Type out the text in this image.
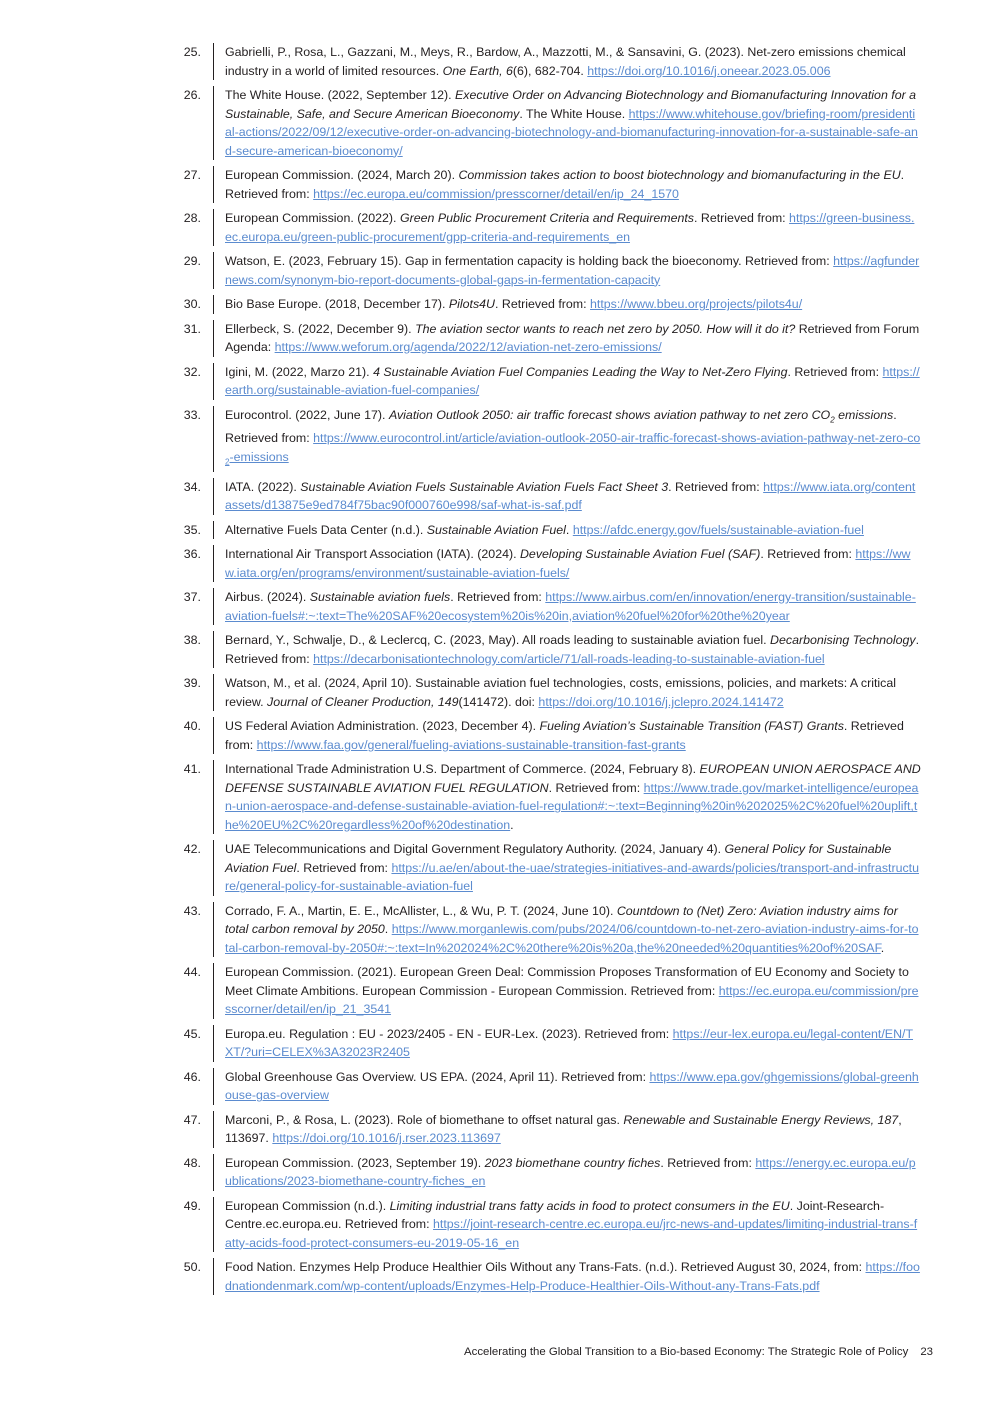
25.	Gabrielli, P., Rosa, L., Gazzani, M., Meys, R., Bardow, A., Mazzotti, M., & Sansavini, G. (2023). Net-zero emissions chemical industry in a world of limited resources. One Earth, 6(6), 682-704. https://doi.org/10.1016/j.oneear.2023.05.006
26.	The White House. (2022, September 12). Executive Order on Advancing Biotechnology and Biomanufacturing Innovation for a Sustainable, Safe, and Secure American Bioeconomy. The White House. https://www.whitehouse.gov/briefing-room/presidential-actions/2022/09/12/executive-order-on-advancing-biotechnology-and-biomanufacturing-innovation-for-a-sustainable-safe-and-secure-american-bioeconomy/
27.	European Commission. (2024, March 20). Commission takes action to boost biotechnology and biomanufacturing in the EU. Retrieved from: https://ec.europa.eu/commission/presscorner/detail/en/ip_24_1570
28.	European Commission. (2022). Green Public Procurement Criteria and Requirements. Retrieved from: https://green-business.ec.europa.eu/green-public-procurement/gpp-criteria-and-requirements_en
29.	Watson, E. (2023, February 15). Gap in fermentation capacity is holding back the bioeconomy. Retrieved from: https://agfundernews.com/synonym-bio-report-documents-global-gaps-in-fermentation-capacity
30.	Bio Base Europe. (2018, December 17). Pilots4U. Retrieved from: https://www.bbeu.org/projects/pilots4u/
31.	Ellerbeck, S. (2022, December 9). The aviation sector wants to reach net zero by 2050. How will it do it? Retrieved from Forum Agenda: https://www.weforum.org/agenda/2022/12/aviation-net-zero-emissions/
32.	Igini, M. (2022, Marzo 21). 4 Sustainable Aviation Fuel Companies Leading the Way to Net-Zero Flying. Retrieved from: https://earth.org/sustainable-aviation-fuel-companies/
33.	Eurocontrol. (2022, June 17). Aviation Outlook 2050: air traffic forecast shows aviation pathway to net zero $CO_2$ emissions. Retrieved from: $https://www.eurocontrol.int/article/aviation-outlook-2050-air-traffic-forecast-shows-aviation-pathway-net-zero-co_2$-emissions
34.	IATA. (2022). Sustainable Aviation Fuels Sustainable Aviation Fuels Fact Sheet 3. Retrieved from: https://www.iata.org/contentassets/d13875e9ed784f75bac90f000760e998/saf-what-is-saf.pdf
35.	Alternative Fuels Data Center (n.d.). Sustainable Aviation Fuel. https://afdc.energy.gov/fuels/sustainable-aviation-fuel
36.	International Air Transport Association (IATA). (2024). Developing Sustainable Aviation Fuel (SAF). Retrieved from: https://www.iata.org/en/programs/environment/sustainable-aviation-fuels/
37.	Airbus. (2024). Sustainable aviation fuels. Retrieved from: https://www.airbus.com/en/innovation/energy-transition/sustainable-aviation-fuels#:~:text=The%20SAF%20ecosystem%20is%20in,aviation%20fuel%20for%20the%20year
38.	Bernard, Y., Schwalje, D., & Leclercq, C. (2023, May). All roads leading to sustainable aviation fuel. Decarbonising Technology. Retrieved from: https://decarbonisationtechnology.com/article/71/all-roads-leading-to-sustainable-aviation-fuel
39.	Watson, M., et al. (2024, April 10). Sustainable aviation fuel technologies, costs, emissions, policies, and markets: A critical review. Journal of Cleaner Production, 149(141472). doi: https://doi.org/10.1016/j.jclepro.2024.141472
40.	US Federal Aviation Administration. (2023, December 4). Fueling Aviation’s Sustainable Transition (FAST) Grants. Retrieved from: https://www.faa.gov/general/fueling-aviations-sustainable-transition-fast-grants
41.	International Trade Administration U.S. Department of Commerce. (2024, February 8). EUROPEAN UNION AEROSPACE AND DEFENSE SUSTAINABLE AVIATION FUEL REGULATION. Retrieved from: https://www.trade.gov/market-intelligence/european-union-aerospace-and-defense-sustainable-aviation-fuel-regulation#:~:text=Beginning%20in%202025%2C%20fuel%20uplift,the%20EU%2C%20regardless%20of%20destination.
42.	UAE Telecommunications and Digital Government Regulatory Authority. (2024, January 4). General Policy for Sustainable Aviation Fuel. Retrieved from: https://u.ae/en/about-the-uae/strategies-initiatives-and-awards/policies/transport-and-infrastructure/general-policy-for-sustainable-aviation-fuel
43.	Corrado, F. A., Martin, E. E., McAllister, L., & Wu, P. T. (2024, June 10). Countdown to (Net) Zero: Aviation industry aims for total carbon removal by 2050. https://www.morganlewis.com/pubs/2024/06/countdown-to-net-zero-aviation-industry-aims-for-total-carbon-removal-by-2050#:~:text=In%202024%2C%20there%20is%20a,the%20needed%20quantities%20of%20SAF.
44.	European Commission. (2021). European Green Deal: Commission Proposes Transformation of EU Economy and Society to Meet Climate Ambitions. European Commission - European Commission. Retrieved from: https://ec.europa.eu/commission/presscorner/detail/en/ip_21_3541
45.	Europa.eu. Regulation : EU - 2023/2405 - EN - EUR-Lex. (2023). Retrieved from: https://eur-lex.europa.eu/legal-content/EN/TXT/?uri=CELEX%3A32023R2405
46.	Global Greenhouse Gas Overview. US EPA. (2024, April 11). Retrieved from: https://www.epa.gov/ghgemissions/global-greenhouse-gas-overview
47.	Marconi, P., & Rosa, L. (2023). Role of biomethane to offset natural gas. Renewable and Sustainable Energy Reviews, 187, 113697. https://doi.org/10.1016/j.rser.2023.113697
48.	European Commission. (2023, September 19). 2023 biomethane country fiches. Retrieved from: https://energy.ec.europa.eu/publications/2023-biomethane-country-fiches_en
49.	European Commission (n.d.). Limiting industrial trans fatty acids in food to protect consumers in the EU. Joint-Research-Centre.ec.europa.eu. Retrieved from: https://joint-research-centre.ec.europa.eu/jrc-news-and-updates/limiting-industrial-trans-fatty-acids-food-protect-consumers-eu-2019-05-16_en
50.	Food Nation. Enzymes Help Produce Healthier Oils Without any Trans-Fats. (n.d.). Retrieved August 30, 2024, from: https://foodnationdenmark.com/wp-content/uploads/Enzymes-Help-Produce-Healthier-Oils-Without-any-Trans-Fats.pdf
Accelerating the Global Transition to a Bio-based Economy: The Strategic Role of Policy 23
